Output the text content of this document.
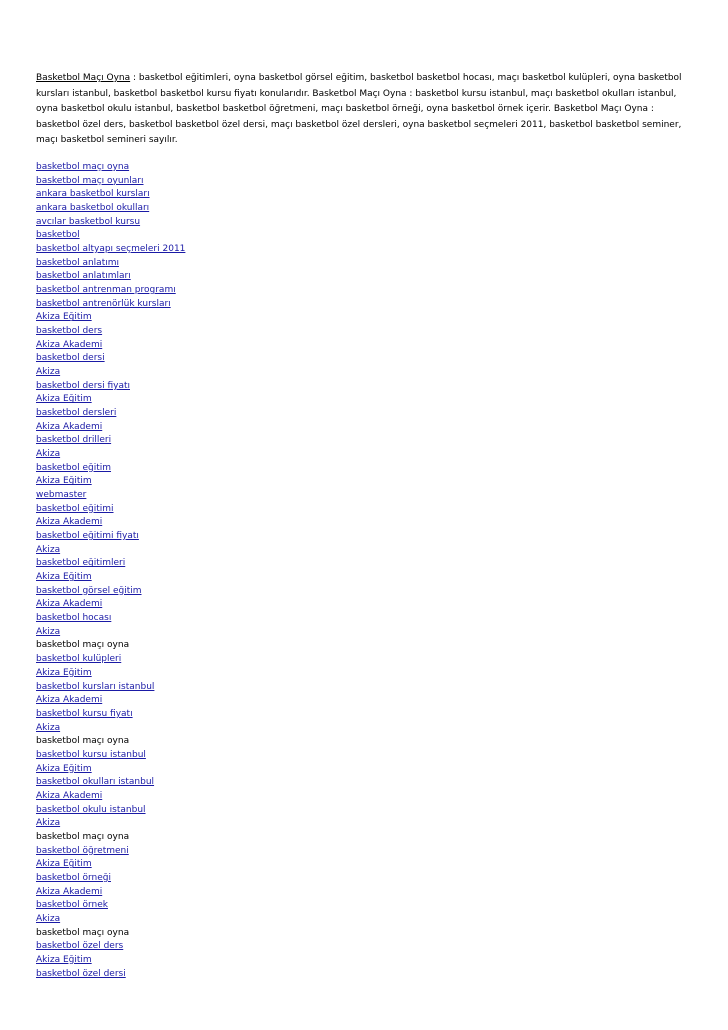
Basketbol Maçı Oyna : basketbol eğitimleri, oyna basketbol görsel eğitim, basketbol basketbol hocası, maçı basketbol kulüpleri, oyna basketbol kursları istanbul, basketbol basketbol kursu fiyatı konularıdır. Basketbol Maçı Oyna : basketbol kursu istanbul, maçı basketbol okulları istanbul, oyna basketbol okulu istanbul, basketbol basketbol öğretmeni, maçı basketbol örneği, oyna basketbol örnek içerir. Basketbol Maçı Oyna : basketbol özel ders, basketbol basketbol özel dersi, maçı basketbol özel dersleri, oyna basketbol seçmeleri 2011, basketbol basketbol seminer, maçı basketbol semineri sayılır.

basketbol maçı oyna
basketbol maçı oyunları
ankara basketbol kursları
ankara basketbol okulları
avcılar basketbol kursu
basketbol
basketbol altyapı seçmeleri 2011
basketbol anlatımı
basketbol anlatımları
basketbol antrenman programı
basketbol antrenörlük kursları
Akiza Eğitim
basketbol ders
Akiza Akademi
basketbol dersi
Akiza
basketbol dersi fiyatı
Akiza Eğitim
basketbol dersleri
Akiza Akademi
basketbol drilleri
Akiza
basketbol eğitim
Akiza Eğitim
webmaster
basketbol eğitimi
Akiza Akademi
basketbol eğitimi fiyatı
Akiza
basketbol eğitimleri
Akiza Eğitim
basketbol görsel eğitim
Akiza Akademi
basketbol hocası
Akiza
basketbol maçı oyna
basketbol kulüpleri
Akiza Eğitim
basketbol kursları istanbul
Akiza Akademi
basketbol kursu fiyatı
Akiza
basketbol maçı oyna
basketbol kursu istanbul
Akiza Eğitim
basketbol okulları istanbul
Akiza Akademi
basketbol okulu istanbul
Akiza
basketbol maçı oyna
basketbol öğretmeni
Akiza Eğitim
basketbol örneği
Akiza Akademi
basketbol örnek
Akiza
basketbol maçı oyna
basketbol özel ders
Akiza Eğitim
basketbol özel dersi
